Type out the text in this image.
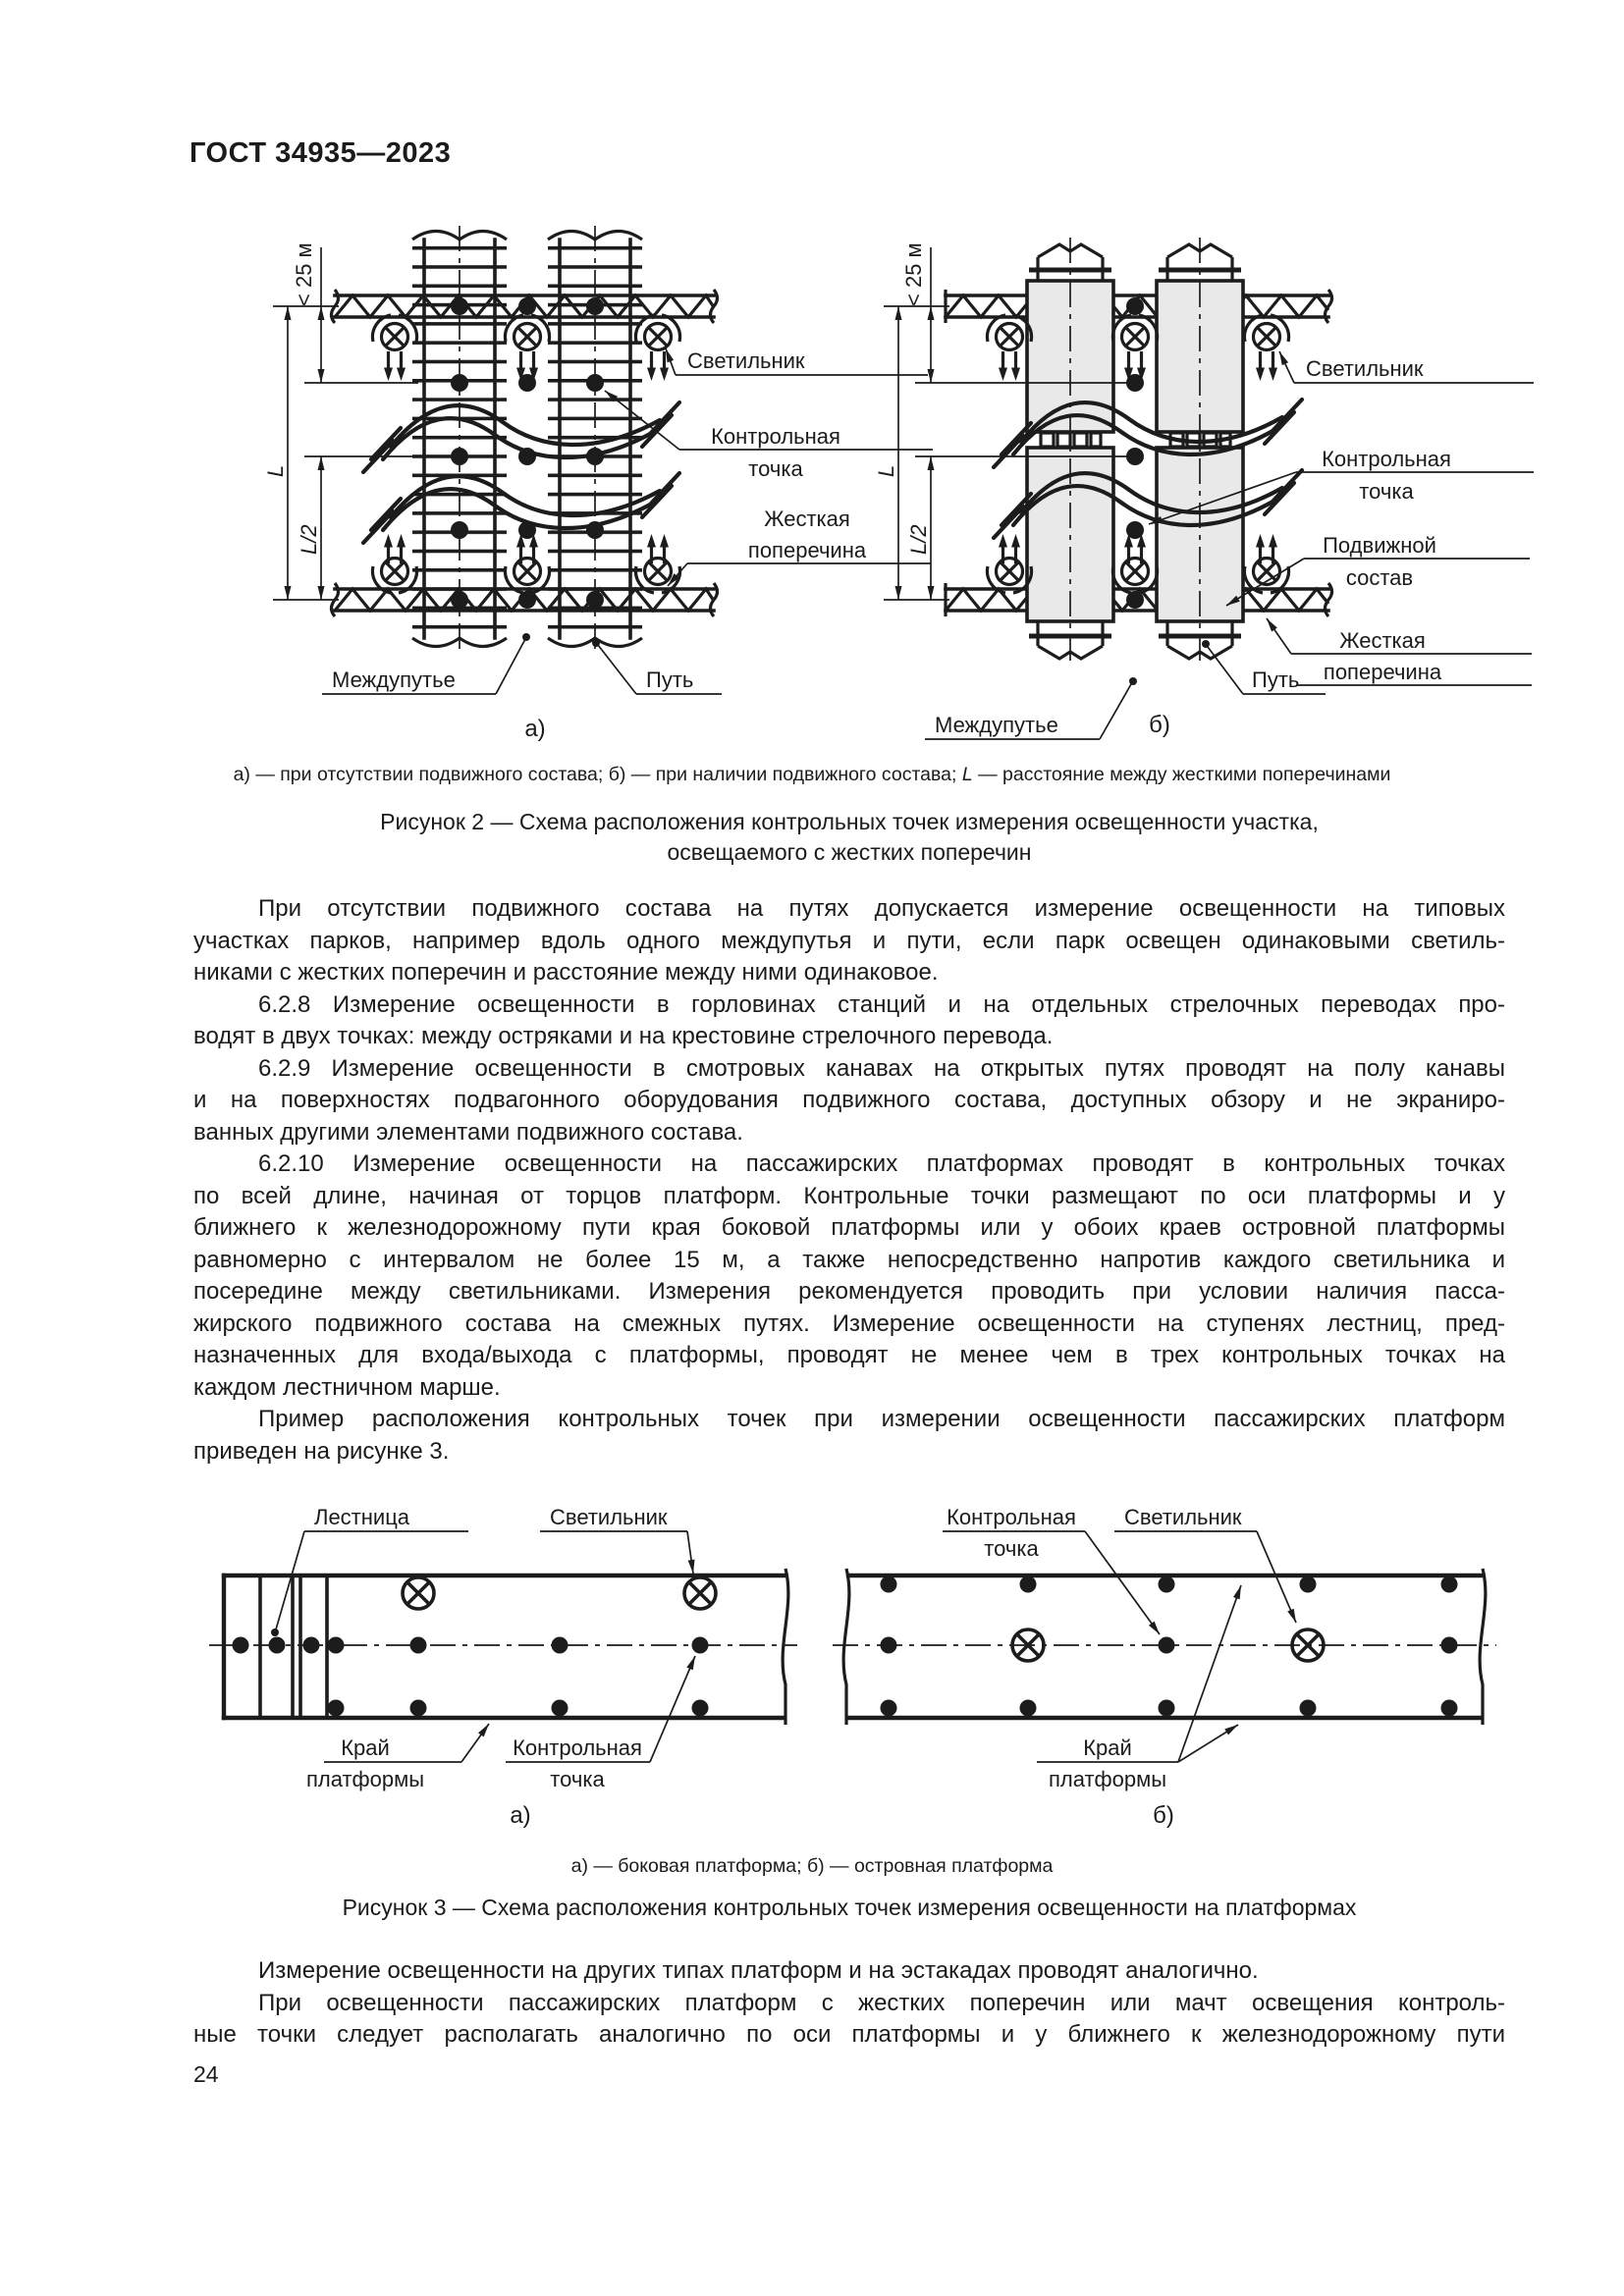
ГОСТ 34935—2023
< 25 м
L
L/2
Светильник
Контрольная
точка
Жесткая
поперечина
Междупутье	Путь
а)
< 25 м
L
L/2
Светильник
Контрольная
точка
Подвижной
состав
Жесткая
поперечина
Междупутье
Путь
б)
а) — при отсутствии подвижного состава; б) — при наличии подвижного состава; L — расстояние между жесткими поперечинами
Рисунок 2 — Схема расположения контрольных точек измерения освещенности участка,
освещаемого с жестких поперечин
При отсутствии подвижного состава на путях допускается измерение освещенности на типовых
участках парков, например вдоль одного междупутья и пути, если парк освещен одинаковыми светиль-
никами с жестких поперечин и расстояние между ними одинаковое.
6.2.8 Измерение освещенности в горловинах станций и на отдельных стрелочных переводах про-
водят в двух точках: между остряками и на крестовине стрелочного перевода.
6.2.9 Измерение освещенности в смотровых канавах на открытых путях проводят на полу канавы
и на поверхностях подвагонного оборудования подвижного состава, доступных обзору и не экраниро-
ванных другими элементами подвижного состава.
6.2.10 Измерение освещенности на пассажирских платформах проводят в контрольных точках
по всей длине, начиная от торцов платформ. Контрольные точки размещают по оси платформы и у
ближнего к железнодорожному пути края боковой платформы или у обоих краев островной платформы
равномерно с интервалом не более 15 м, а также непосредственно напротив каждого светильника и
посередине между светильниками. Измерения рекомендуется проводить при условии наличия пасса-
жирского подвижного состава на смежных путях. Измерение освещенности на ступенях лестниц, пред-
назначенных для входа/выхода с платформы, проводят не менее чем в трех контрольных точках на
каждом лестничном марше.
Пример расположения контрольных точек при измерении освещенности пассажирских платформ
приведен на рисунке 3.
Лестница	Светильник
Край
платформы
Контрольная
точка
а)
Контрольная
точка
Светильник
Край
платформы
б)
а) — боковая платформа; б) — островная платформа
Рисунок 3 — Схема расположения контрольных точек измерения освещенности на платформах
Измерение освещенности на других типах платформ и на эстакадах проводят аналогично.
При освещенности пассажирских платформ с жестких поперечин или мачт освещения контроль-
ные точки следует располагать аналогично по оси платформы и у ближнего к железнодорожному пути
24
